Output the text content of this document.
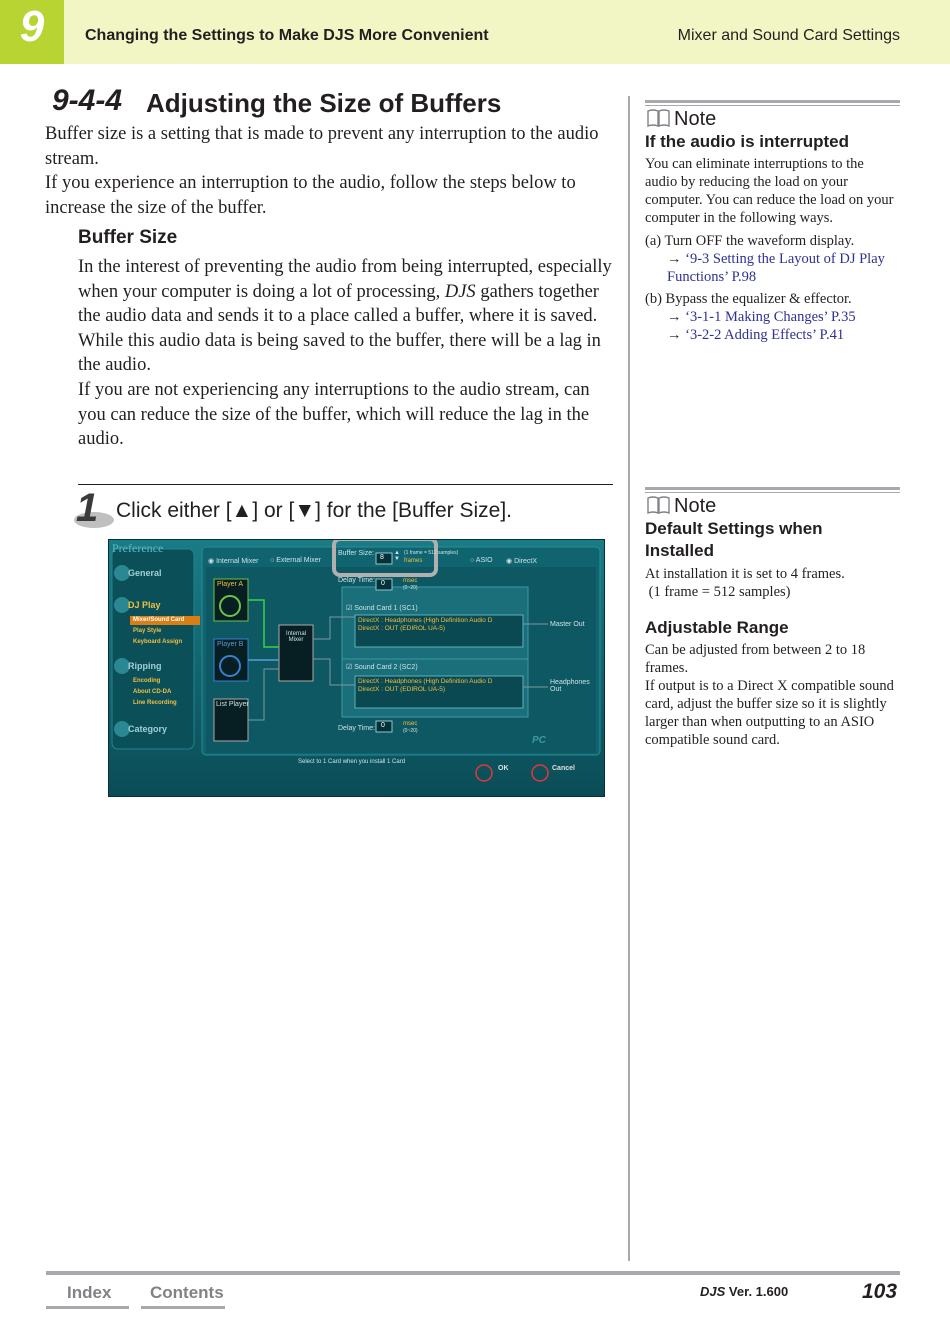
9	Changing the Settings to Make DJS More Convenient	Mixer and Sound Card Settings
9-4-4 Adjusting the Size of Buffers

Buffer size is a setting that is made to prevent any interruption to the audio stream.

If you experience an interruption to the audio, follow the steps below to increase the size of the buffer.

Buffer Size

In the interest of preventing the audio from being interrupted, especially when your computer is doing a lot of processing, DJS gathers together the audio data and sends it to a place called a buffer, where it is saved. While this audio data is being saved to the buffer, there will be a lag in the audio.

If you are not experiencing any interruptions to the audio stream, can you can reduce the size of the buffer, which will reduce the lag in the audio.

1 Click either [▲] or [▼] for the [Buffer Size].
Preference
General
DJ Play
Mixer/Sound Card
Play Style
Keyboard Assign
Ripping
Encoding
About CD-DA
Line Recording
Category
◉ Internal Mixer ○ External Mixer
Buffer Size:
8
▲
▼
(1 frame = 512 samples)
frames	○ ASIO ◉ DirectX
Delay Time: 0	msec
(0~20)
Player A
Player B
List Player
Internal Mixer
☑ Sound Card 1 (SC1)
DirectX : Headphones (High Definition Audio D
DirectX : OUT (EDIROL UA-5)
☑ Sound Card 2 (SC2)
DirectX : Headphones (High Definition Audio D
DirectX : OUT (EDIROL UA-5)
Master Out
Headphones Out
Delay Time: 0	msec
(0~20)
PC
Select to 1 Card when you install 1 Card
OK	Cancel
Note
If the audio is interrupted
You can eliminate interruptions to the audio by reducing the load on your computer. You can reduce the load on your computer in the following ways.
(a) Turn OFF the waveform display.
→ ‘9-3 Setting the Layout of DJ Play Functions’ P.98
(b) Bypass the equalizer & effector.
→ ‘3-1-1 Making Changes’ P.35
→ ‘3-2-2 Adding Effects’ P.41
Note
Default Settings when Installed
At installation it is set to 4 frames.
(1 frame = 512 samples)
Adjustable Range
Can be adjusted from between 2 to 18 frames.
If output is to a Direct X compatible sound card, adjust the buffer size so it is slightly larger than when outputting to an ASIO compatible sound card.
Index Contents	DJS Ver. 1.600	103
